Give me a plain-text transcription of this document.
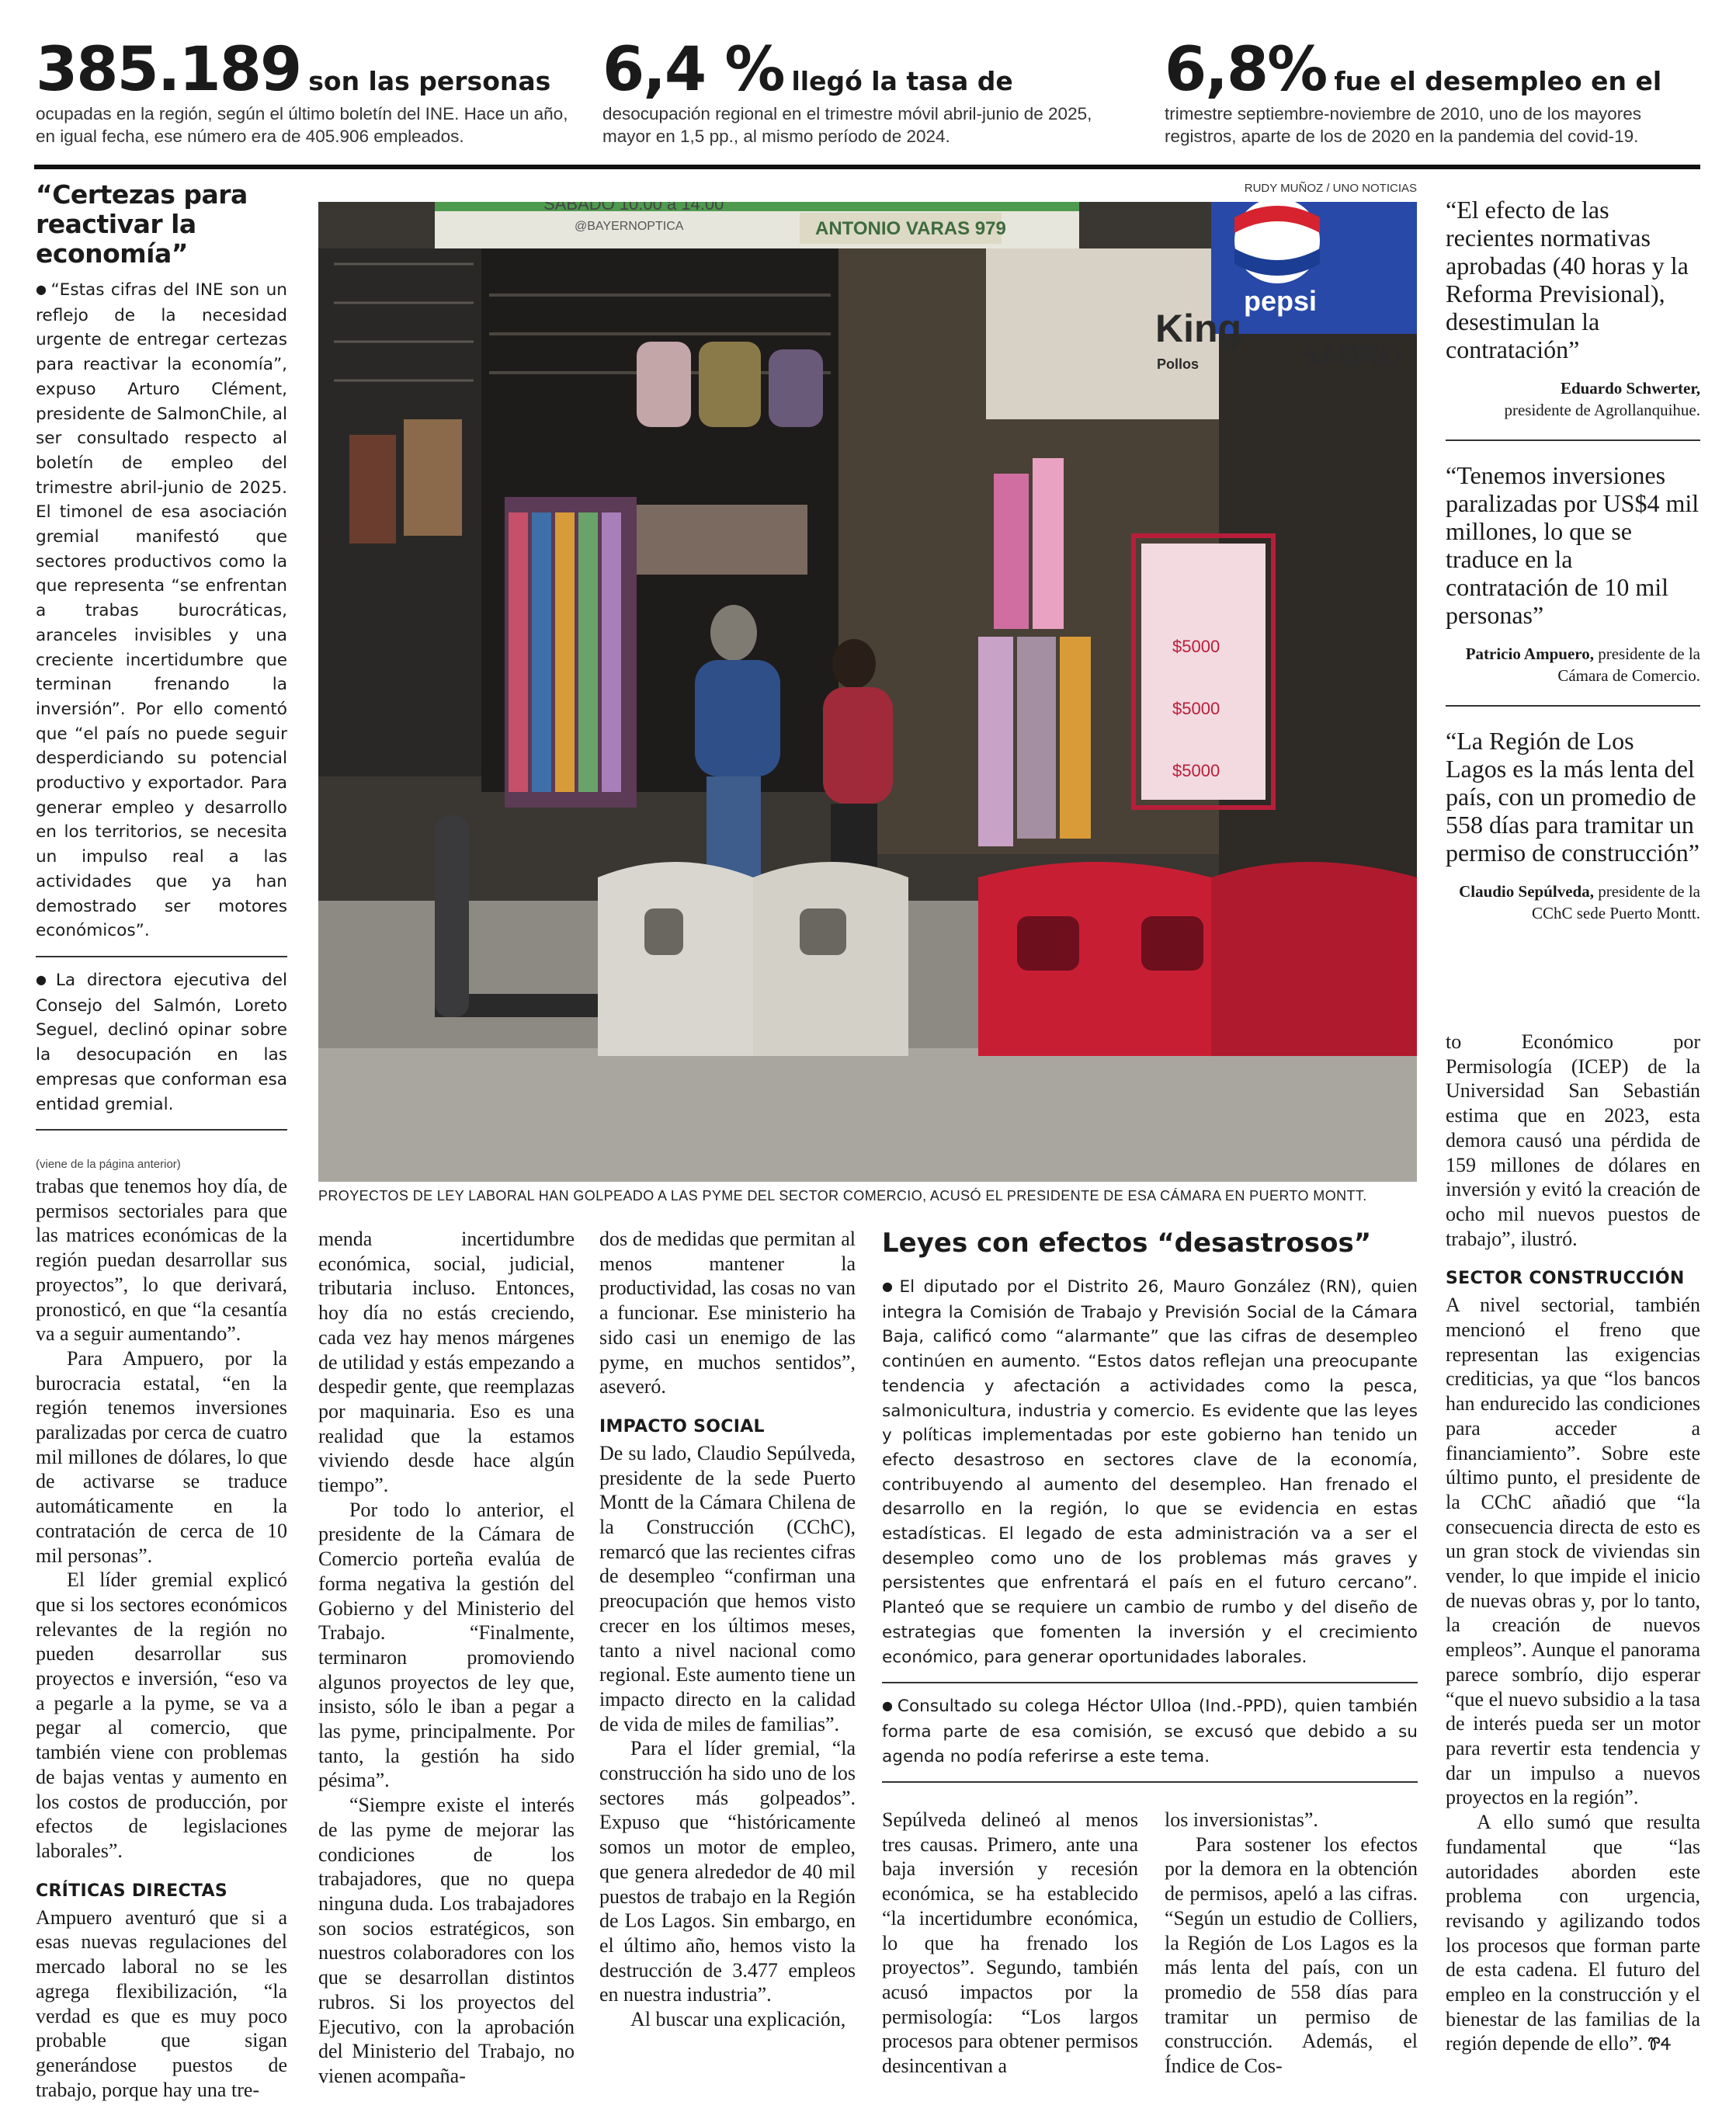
385.189 son las personas
ocupadas en la región, según el último boletín del INE. Hace un año, en igual fecha, ese número era de 405.906 empleados.
6,4 % llegó la tasa de
desocupación regional en el trimestre móvil abril-junio de 2025, mayor en 1,5 pp., al mismo período de 2024.
6,8% fue el desempleo en el
trimestre septiembre-noviembre de 2010, uno de los mayores registros, aparte de los de 2020 en la pandemia del covid-19.
“Certezas para reactivar la economía”

● “Estas cifras del INE son un reflejo de la necesidad urgente de entregar certezas para reactivar la economía”, expuso Arturo Clément, presidente de SalmonChile, al ser consultado respecto al boletín de empleo del trimestre abril-junio de 2025. El timonel de esa asociación gremial manifestó que sectores productivos como la que representa “se enfrentan a trabas burocráticas, aranceles invisibles y una creciente incertidumbre que terminan frenando la inversión”. Por ello comentó que “el país no puede seguir desperdiciando su potencial productivo y exportador. Para generar empleo y desarrollo en los territorios, se necesita un impulso real a las actividades que ya han demostrado ser motores económicos”.

● La directora ejecutiva del Consejo del Salmón, Loreto Seguel, declinó opinar sobre la desocupación en las empresas que conforman esa entidad gremial.

RUDY MUÑOZ / UNO NOTICIAS
SÁBADO 10:00 a 14:00
@BAYERNOPTICA	ANTONIO VARAS 979
pepsi
King
Pollos	SABRO
$5000
$5000
$5000
PROYECTOS DE LEY LABORAL HAN GOLPEADO A LAS PYME DEL SECTOR COMERCIO, ACUSÓ EL PRESIDENTE DE ESA CÁMARA EN PUERTO MONTT.
“El efecto de las recientes normativas aprobadas (40 horas y la Reforma Previsional), desestimulan la contratación”
Eduardo Schwerter,
presidente de Agrollanquihue.
“Tenemos inversiones paralizadas por US$4 mil millones, lo que se traduce en la contratación de 10 mil personas”
Patricio Ampuero, presidente de la Cámara de Comercio.
“La Región de Los Lagos es la más lenta del país, con un promedio de 558 días para tramitar un permiso de construcción”
Claudio Sepúlveda, presidente de la CChC sede Puerto Montt.
(viene de la página anterior)

trabas que tenemos hoy día, de permisos sectoriales para que las matrices económicas de la región puedan desarrollar sus proyectos”, lo que derivará, pronosticó, en que “la cesantía va a seguir aumentando”.

Para Ampuero, por la burocracia estatal, “en la región tenemos inversiones paralizadas por cerca de cuatro mil millones de dólares, lo que de activarse se traduce automáticamente en la contratación de cerca de 10 mil personas”.

El líder gremial explicó que si los sectores económicos relevantes de la región no pueden desarrollar sus proyectos e inversión, “eso va a pegarle a la pyme, se va a pegar al comercio, que también viene con problemas de bajas ventas y aumento en los costos de producción, por efectos de legislaciones laborales”.

CRÍTICAS DIRECTAS

Ampuero aventuró que si a esas nuevas regulaciones del mercado laboral no se les agrega flexibilización, “la verdad es que es muy poco probable que sigan generándose puestos de trabajo, porque hay una tre-

menda incertidumbre económica, social, judicial, tributaria incluso. Entonces, hoy día no estás creciendo, cada vez hay menos márgenes de utilidad y estás empezando a despedir gente, que reemplazas por maquinaria. Eso es una realidad que la estamos viviendo desde hace algún tiempo”.

Por todo lo anterior, el presidente de la Cámara de Comercio porteña evalúa de forma negativa la gestión del Gobierno y del Ministerio del Trabajo. “Finalmente, terminaron promoviendo algunos proyectos de ley que, insisto, sólo le iban a pegar a las pyme, principalmente. Por tanto, la gestión ha sido pésima”.

“Siempre existe el interés de las pyme de mejorar las condiciones de los trabajadores, que no quepa ninguna duda. Los trabajadores son socios estratégicos, son nuestros colaboradores con los que se desarrollan distintos rubros. Si los proyectos del Ejecutivo, con la aprobación del Ministerio del Trabajo, no vienen acompaña-

dos de medidas que permitan al menos mantener la productividad, las cosas no van a funcionar. Ese ministerio ha sido casi un enemigo de las pyme, en muchos sentidos”, aseveró.

IMPACTO SOCIAL

De su lado, Claudio Sepúlveda, presidente de la sede Puerto Montt de la Cámara Chilena de la Construcción (CChC), remarcó que las recientes cifras de desempleo “confirman una preocupación que hemos visto crecer en los últimos meses, tanto a nivel nacional como regional. Este aumento tiene un impacto directo en la calidad de vida de miles de familias”.

Para el líder gremial, “la construcción ha sido uno de los sectores más golpeados”. Expuso que “históricamente somos un motor de empleo, que genera alrededor de 40 mil puestos de trabajo en la Región de Los Lagos. Sin embargo, en el último año, hemos visto la destrucción de 3.477 empleos en nuestra industria”.

Al buscar una explicación,

Leyes con efectos “desastrosos”

● El diputado por el Distrito 26, Mauro González (RN), quien integra la Comisión de Trabajo y Previsión Social de la Cámara Baja, calificó como “alarmante” que las cifras de desempleo continúen en aumento. “Estos datos reflejan una preocupante tendencia y afectación a actividades como la pesca, salmonicultura, industria y comercio. Es evidente que las leyes y políticas implementadas por este gobierno han tenido un efecto desastroso en sectores clave de la economía, contribuyendo al aumento del desempleo. Han frenado el desarrollo en la región, lo que se evidencia en estas estadísticas. El legado de esta administración va a ser el desempleo como uno de los problemas más graves y persistentes que enfrentará el país en el futuro cercano”. Planteó que se requiere un cambio de rumbo y del diseño de estrategias que fomenten la inversión y el crecimiento económico, para generar oportunidades laborales.

● Consultado su colega Héctor Ulloa (Ind.-PPD), quien también forma parte de esa comisión, se excusó que debido a su agenda no podía referirse a este tema.

Sepúlveda delineó al menos tres causas. Primero, ante una baja inversión y recesión económica, se ha establecido “la incertidumbre económica, lo que ha frenado los proyectos”. Segundo, también acusó impactos por la permisología: “Los largos procesos para obtener permisos desincentivan a

los inversionistas”.

Para sostener los efectos por la demora en la obtención de permisos, apeló a las cifras. “Según un estudio de Colliers, la Región de Los Lagos es la más lenta del país, con un promedio de 558 días para tramitar un permiso de construcción. Además, el Índice de Cos-

to Económico por Permisología (ICEP) de la Universidad San Sebastián estima que en 2023, esta demora causó una pérdida de 159 millones de dólares en inversión y evitó la creación de ocho mil nuevos puestos de trabajo”, ilustró.

SECTOR CONSTRUCCIÓN

A nivel sectorial, también mencionó el freno que representan las exigencias crediticias, ya que “los bancos han endurecido las condiciones para acceder a financiamiento”. Sobre este último punto, el presidente de la CChC añadió que “la consecuencia directa de esto es un gran stock de viviendas sin vender, lo que impide el inicio de nuevas obras y, por lo tanto, la creación de nuevos empleos”. Aunque el panorama parece sombrío, dijo esperar “que el nuevo subsidio a la tasa de interés pueda ser un motor para revertir esta tendencia y dar un impulso a nuevos proyectos en la región”.

A ello sumó que resulta fundamental que “las autoridades aborden este problema con urgencia, revisando y agilizando todos los procesos que forman parte de esta cadena. El futuro del empleo en la construcción y el bienestar de las familias de la región depende de ello”. ᏈᏎ
